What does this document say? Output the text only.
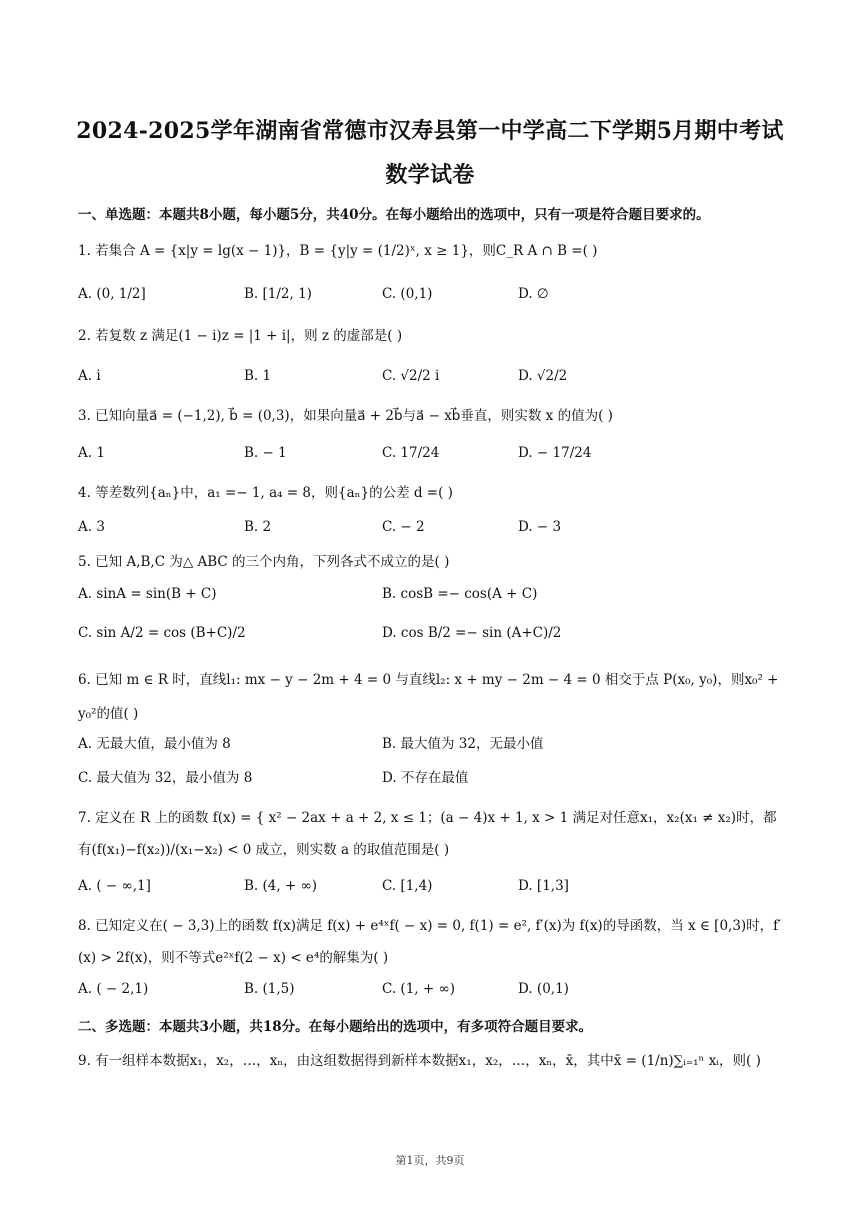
2024-2025学年湖南省常德市汉寿县第一中学高二下学期5月期中考试
数学试卷
一、单选题：本题共8小题，每小题5分，共40分。在每小题给出的选项中，只有一项是符合题目要求的。
1. 若集合 A = {x|y = lg(x − 1)}，B = {y|y = (1/2)ˣ, x ≥ 1}，则C_R A ∩ B =( )
A. (0, 1/2]	B. [1/2, 1)	C. (0,1)	D. ∅
2. 若复数 z 满足(1 − i)z = |1 + i|，则 z 的虚部是( )
A. i	B. 1	C. √2/2 i	D. √2/2
3. 已知向量a⃗ = (−1,2), b⃗ = (0,3)，如果向量a⃗ + 2b⃗与a⃗ − xb⃗垂直，则实数 x 的值为( )
A. 1	B. − 1	C. 17/24	D. − 17/24
4. 等差数列{aₙ}中，a₁ =− 1, a₄ = 8，则{aₙ}的公差 d =( )
A. 3	B. 2	C. − 2	D. − 3
5. 已知 A,B,C 为△ ABC 的三个内角，下列各式不成立的是( )
A. sinA = sin(B + C)	B. cosB =− cos(A + C)
C. sin A/2 = cos (B+C)/2	D. cos B/2 =− sin (A+C)/2
6. 已知 m ∈ R 时，直线l₁: mx − y − 2m + 4 = 0 与直线l₂: x + my − 2m − 4 = 0 相交于点 P(x₀, y₀)，则x₀² + y₀²的值( )
A. 无最大值，最小值为 8	B. 最大值为 32，无最小值
C. 最大值为 32，最小值为 8	D. 不存在最值
7. 定义在 R 上的函数 f(x) = { x² − 2ax + a + 2, x ≤ 1；(a − 4)x + 1, x > 1 满足对任意x₁，x₂(x₁ ≠ x₂)时，都有(f(x₁)−f(x₂))/(x₁−x₂) < 0 成立，则实数 a 的取值范围是( )
A. ( − ∞,1]	B. (4, + ∞)	C. [1,4)	D. [1,3]
8. 已知定义在( − 3,3)上的函数 f(x)满足 f(x) + e⁴ˣf( − x) = 0, f(1) = e², f′(x)为 f(x)的导函数，当 x ∈ [0,3)时，f′(x) > 2f(x)，则不等式e²ˣf(2 − x) < e⁴的解集为( )
A. ( − 2,1)	B. (1,5)	C. (1, + ∞)	D. (0,1)
二、多选题：本题共3小题，共18分。在每小题给出的选项中，有多项符合题目要求。
9. 有一组样本数据x₁，x₂，…，xₙ，由这组数据得到新样本数据x₁，x₂，…，xₙ，x̄，其中x̄ = (1/n)∑ᵢ₌₁ⁿ xᵢ，则( )
第1页，共9页
